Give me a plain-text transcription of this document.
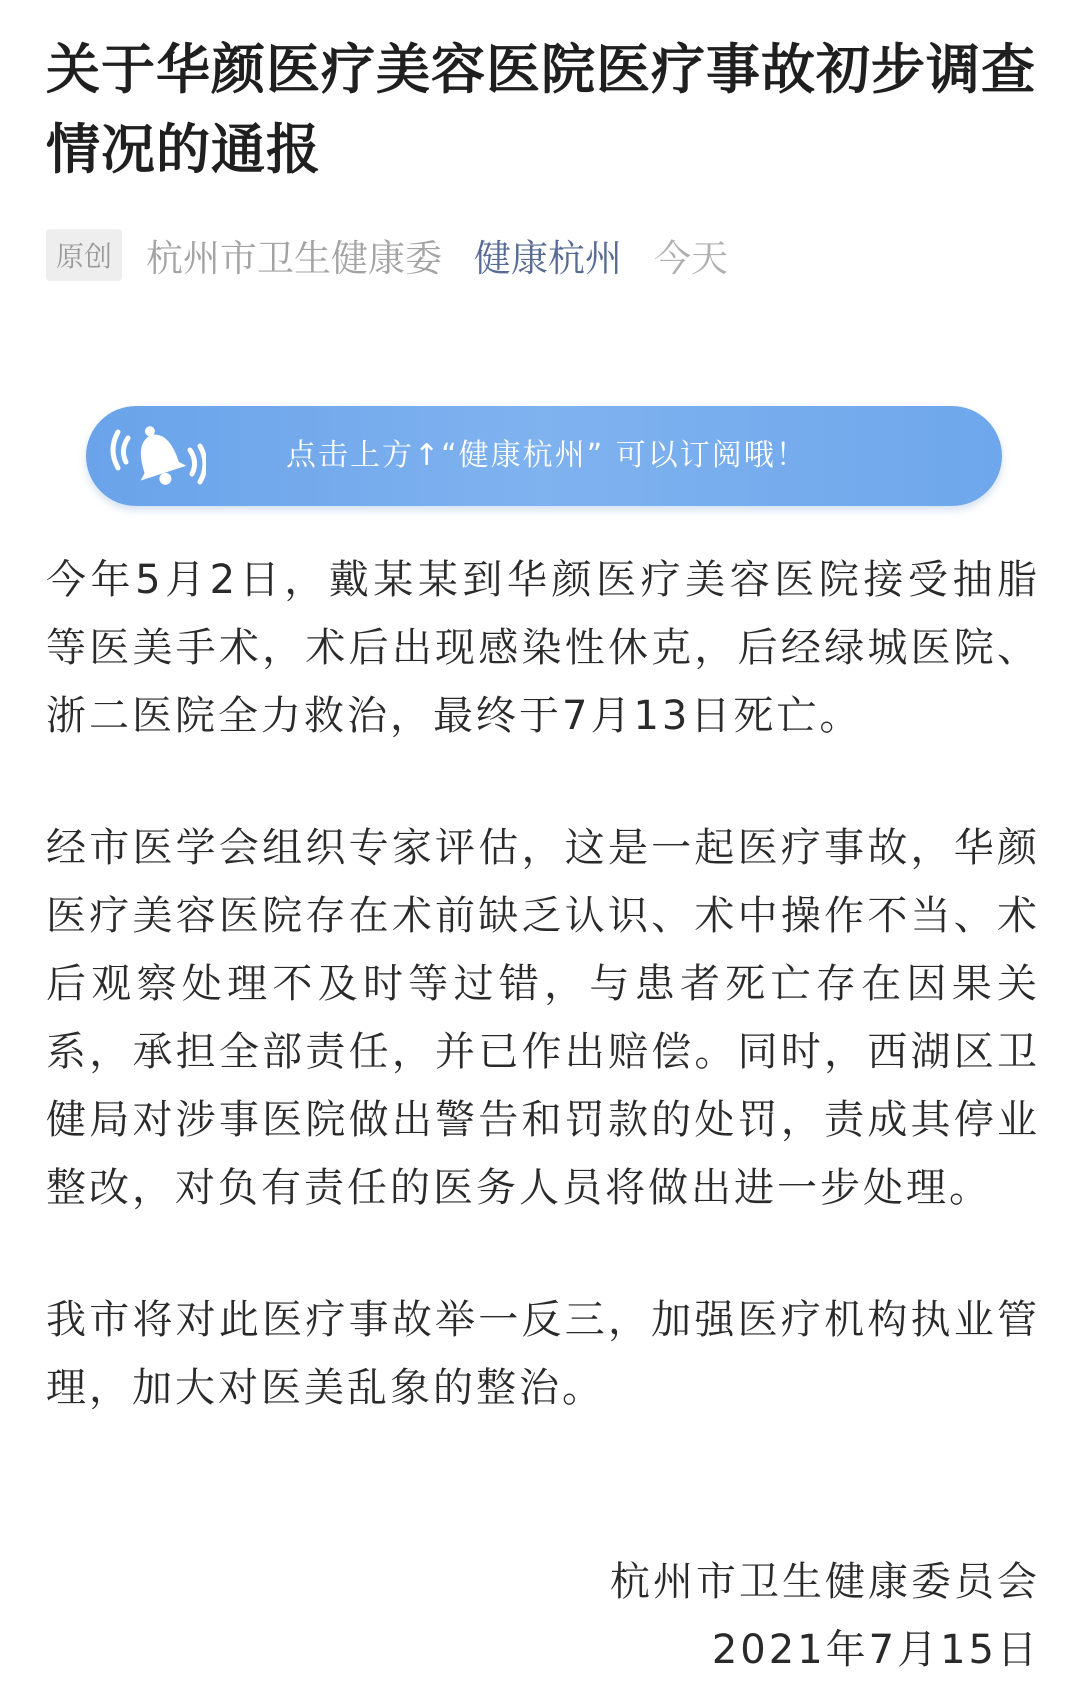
关于华颜医疗美容医院医疗事故初步调查情况的通报
原创 杭州市卫生健康委 健康杭州 今天
点击上方↑“健康杭州” 可以订阅哦！

今年5月2日，戴某某到华颜医疗美容医院接受抽脂等医美手术，术后出现感染性休克，后经绿城医院、浙二医院全力救治，最终于7月13日死亡。

经市医学会组织专家评估，这是一起医疗事故，华颜医疗美容医院存在术前缺乏认识、术中操作不当、术后观察处理不及时等过错，与患者死亡存在因果关系，承担全部责任，并已作出赔偿。同时，西湖区卫健局对涉事医院做出警告和罚款的处罚，责成其停业整改，对负有责任的医务人员将做出进一步处理。

我市将对此医疗事故举一反三，加强医疗机构执业管理，加大对医美乱象的整治。

杭州市卫生健康委员会
2021年7月15日
